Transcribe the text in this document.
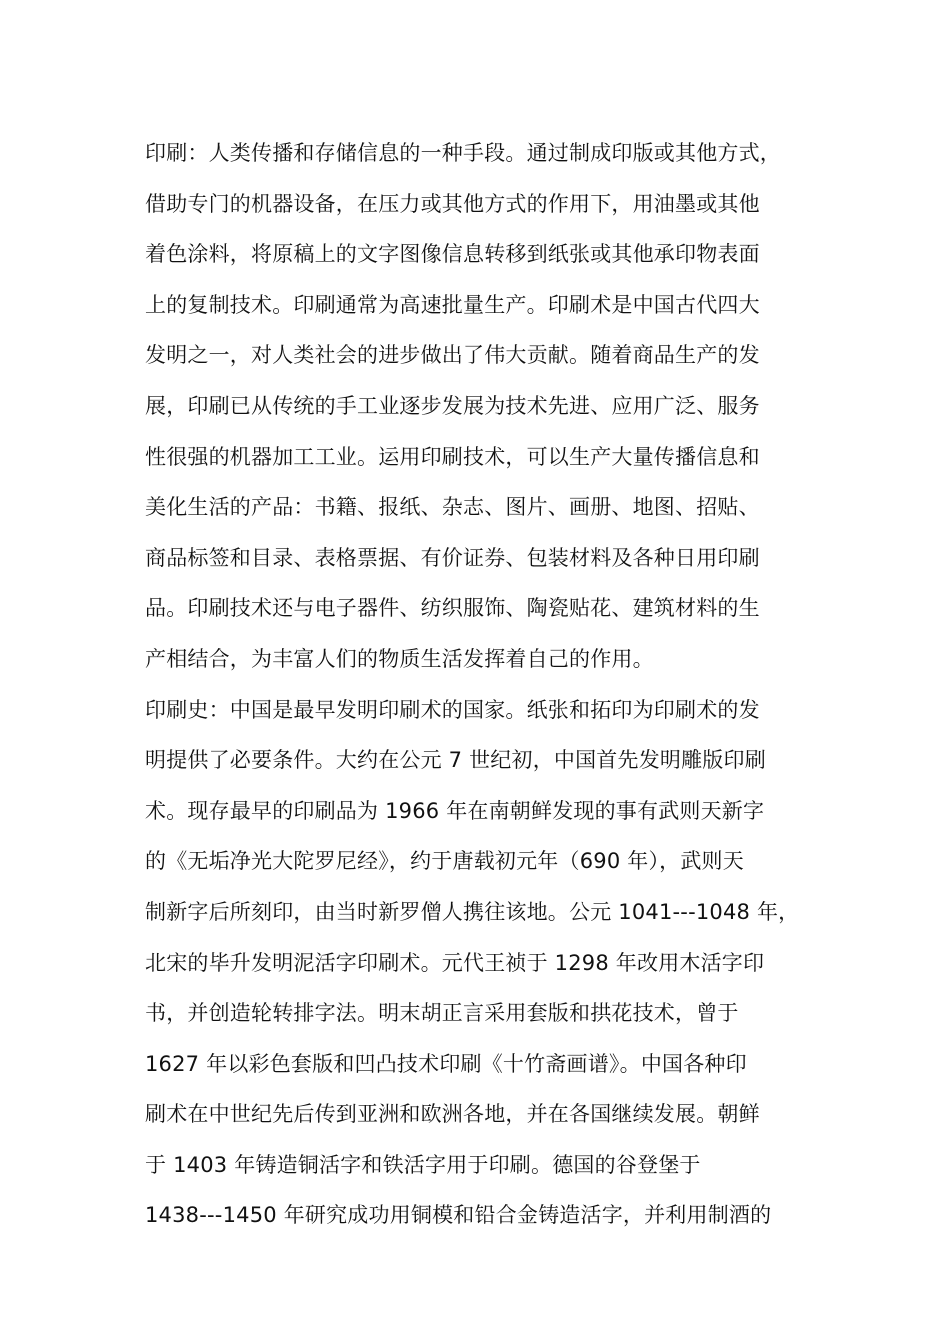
印刷：人类传播和存储信息的一种手段。通过制成印版或其他方式，
借助专门的机器设备，在压力或其他方式的作用下，用油墨或其他
着色涂料，将原稿上的文字图像信息转移到纸张或其他承印物表面
上的复制技术。印刷通常为高速批量生产。印刷术是中国古代四大
发明之一，对人类社会的进步做出了伟大贡献。随着商品生产的发
展，印刷已从传统的手工业逐步发展为技术先进、应用广泛、服务
性很强的机器加工工业。运用印刷技术，可以生产大量传播信息和
美化生活的产品：书籍、报纸、杂志、图片、画册、地图、招贴、
商品标签和目录、表格票据、有价证券、包装材料及各种日用印刷
品。印刷技术还与电子器件、纺织服饰、陶瓷贴花、建筑材料的生
产相结合，为丰富人们的物质生活发挥着自己的作用。
印刷史：中国是最早发明印刷术的国家。纸张和拓印为印刷术的发
明提供了必要条件。大约在公元 7 世纪初，中国首先发明雕版印刷
术。现存最早的印刷品为 1966 年在南朝鲜发现的事有武则天新字
的《无垢净光大陀罗尼经》，约于唐载初元年（690 年），武则天
制新字后所刻印，由当时新罗僧人携往该地。公元 1041---1048 年，
北宋的毕升发明泥活字印刷术。元代王祯于 1298 年改用木活字印
书，并创造轮转排字法。明末胡正言采用套版和拱花技术，曾于
1627 年以彩色套版和凹凸技术印刷《十竹斋画谱》。中国各种印
刷术在中世纪先后传到亚洲和欧洲各地，并在各国继续发展。朝鲜
于 1403 年铸造铜活字和铁活字用于印刷。德国的谷登堡于
1438---1450 年研究成功用铜模和铅合金铸造活字，并利用制酒的
